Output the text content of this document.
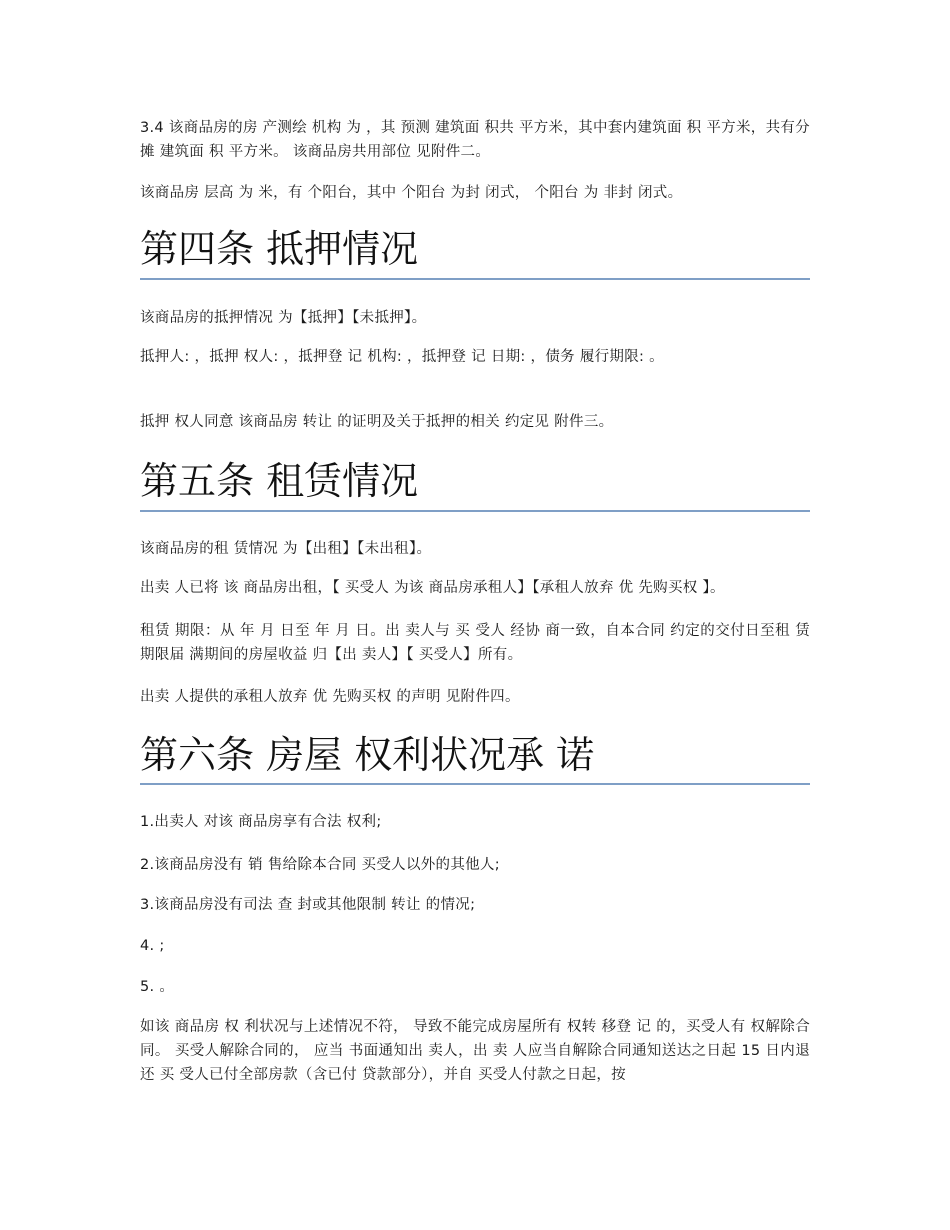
3.4 该商品房的房 产测绘 机构 为 ，其 预测 建筑面 积共 平方米，其中套内建筑面 积 平方米，共有分 摊 建筑面 积 平方米。 该商品房共用部位 见附件二。

该商品房 层高 为 米，有 个阳台，其中 个阳台 为封 闭式， 个阳台 为 非封 闭式。

第四条 抵押情况

该商品房的抵押情况 为【抵押】【未抵押】。

抵押人: ，抵押 权人: ，抵押登 记 机构: ，抵押登 记 日期: ，债务 履行期限: 。

抵押 权人同意 该商品房 转让 的证明及关于抵押的相关 约定见 附件三。

第五条 租赁情况

该商品房的租 赁情况 为【出租】【未出租】。

出卖 人已将 该 商品房出租，【 买受人 为该 商品房承租人】【承租人放弃 优 先购买权 】。

租赁 期限：从 年 月 日至 年 月 日。出 卖人与 买 受人 经协 商一致，自本合同 约定的交付日至租 赁期限届 满期间的房屋收益 归【出 卖人】【 买受人】所有。

出卖 人提供的承租人放弃 优 先购买权 的声明 见附件四。

第六条 房屋 权利状况承 诺

1.出卖人 对该 商品房享有合法 权利;

2.该商品房没有 销 售给除本合同 买受人以外的其他人;

3.该商品房没有司法 查 封或其他限制 转让 的情况;

4. ;

5. 。

如该 商品房 权 利状况与上述情况不符， 导致不能完成房屋所有 权转 移登 记 的，买受人有 权解除合同。 买受人解除合同的， 应当 书面通知出 卖人，出 卖 人应当自解除合同通知送达之日起 15 日内退 还 买 受人已付全部房款（含已付 贷款部分），并自 买受人付款之日起，按
